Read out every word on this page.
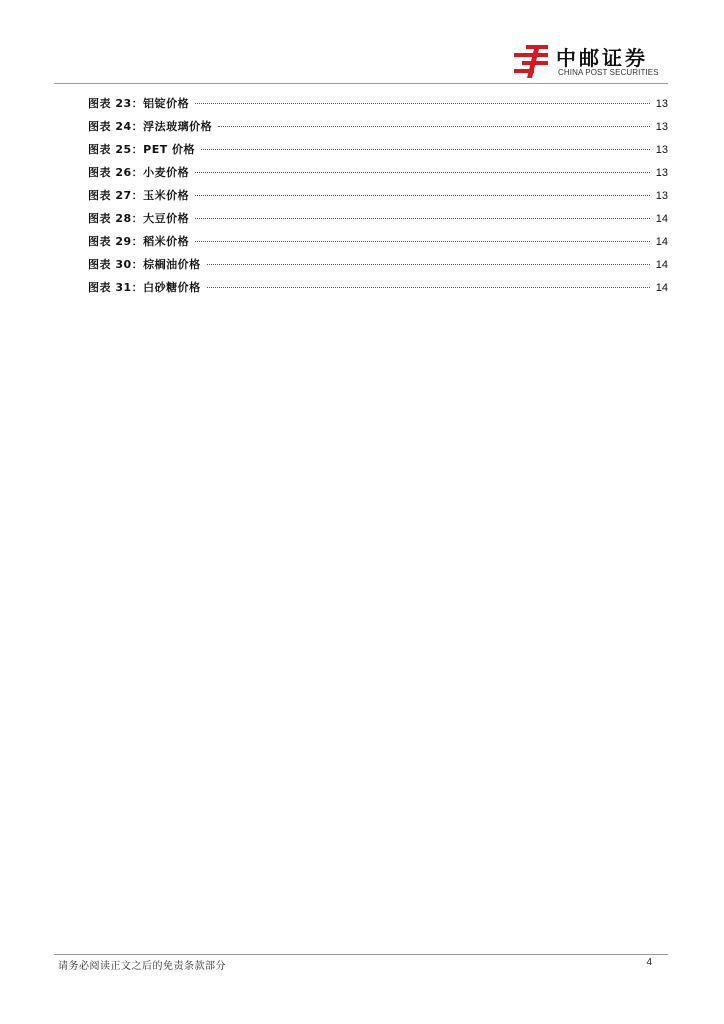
中邮证券
CHINA POST SECURITIES
图表 23：铝锭价格	13
图表 24：浮法玻璃价格	13
图表 25：PET 价格	13
图表 26：小麦价格	13
图表 27：玉米价格	13
图表 28：大豆价格	14
图表 29：稻米价格	14
图表 30：棕榈油价格	14
图表 31：白砂糖价格	14
请务必阅读正文之后的免责条款部分	4
